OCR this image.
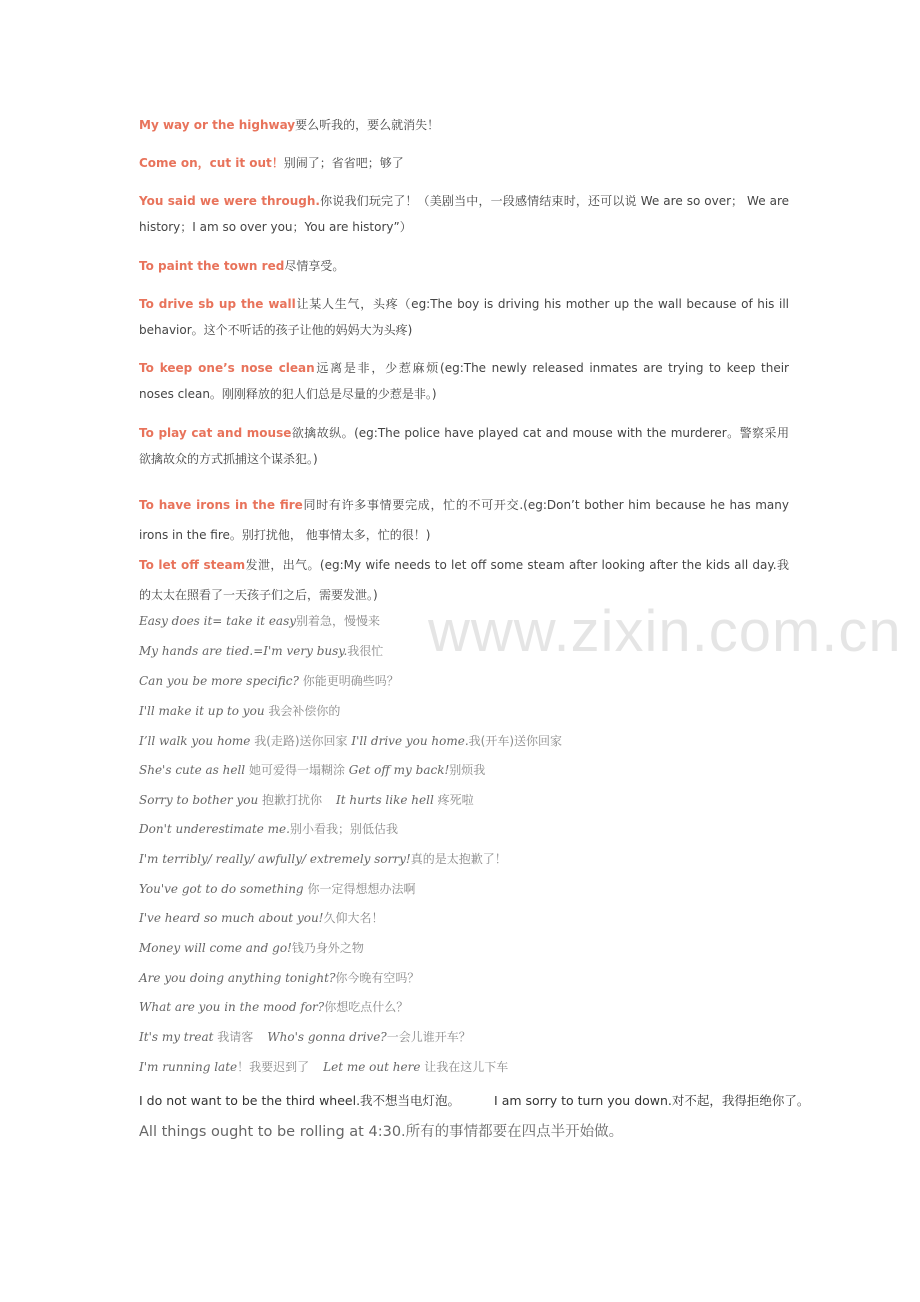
My way or the highway要么听我的，要么就消失！
Come on，cut it out！别闹了；省省吧；够了
You said we were through.你说我们玩完了！（美剧当中，一段感情结束时，还可以说 We are so over； We are history；I am so over you；You are history”）
To paint the town red尽情享受。
To drive sb up the wall让某人生气，头疼（eg:The boy is driving his mother up the wall because of his ill behavior。这个不听话的孩子让他的妈妈大为头疼)
To keep one’s nose clean远离是非，少惹麻烦(eg:The newly released inmates are trying to keep their noses clean。刚刚释放的犯人们总是尽量的少惹是非。)
To play cat and mouse欲擒故纵。(eg:The police have played cat and mouse with the murderer。警察采用欲擒故众的方式抓捕这个谋杀犯。)
To have irons in the fire同时有许多事情要完成，忙的不可开交.(eg:Don’t bother him because he has many irons in the fire。别打扰他， 他事情太多，忙的很！)
To let off steam发泄，出气。(eg:My wife needs to let off some steam after looking after the kids all day.我的太太在照看了一天孩子们之后，需要发泄。)
Easy does it= take it easy别着急，慢慢来
My hands are tied.=I'm very busy.我很忙
Can you be more specific? 你能更明确些吗？
I'll make it up to you 我会补偿你的
I’ll walk you home 我(走路)送你回家 I'll drive you home.我(开车)送你回家
She's cute as hell 她可爱得一塌糊涂 Get off my back!别烦我
Sorry to bother you 抱歉打扰你 It hurts like hell 疼死啦
Don't underestimate me.别小看我；别低估我
I'm terribly/ really/ awfully/ extremely sorry!真的是太抱歉了！
You've got to do something 你一定得想想办法啊
I've heard so much about you!久仰大名！
Money will come and go!钱乃身外之物
Are you doing anything tonight?你今晚有空吗？
What are you in the mood for?你想吃点什么？
It's my treat 我请客 Who's gonna drive?一会儿谁开车？
I'm running late！我要迟到了 Let me out here 让我在这儿下车
I do not want to be the third wheel.我不想当电灯泡。	I am sorry to turn you down.对不起，我得拒绝你了。
All things ought to be rolling at 4:30.所有的事情都要在四点半开始做。
www.zixin.com.cn
